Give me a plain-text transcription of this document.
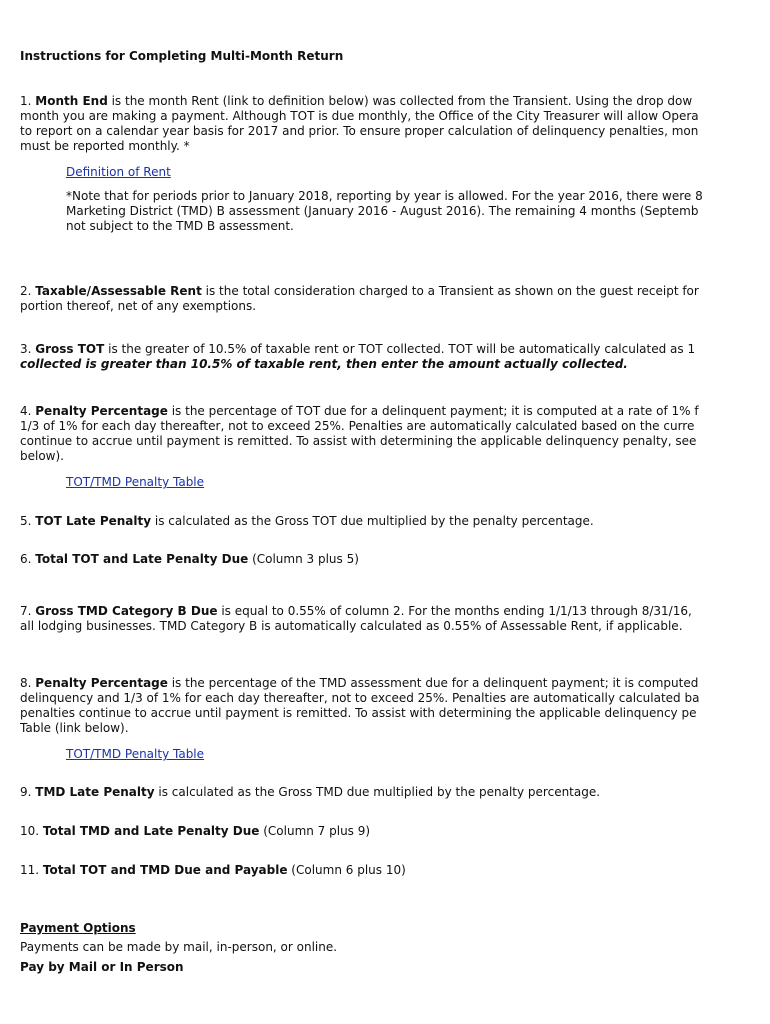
Instructions for Completing Multi-Month Return
1. Month End is the month Rent (link to definition below) was collected from the Transient. Using the drop dow
month you are making a payment. Although TOT is due monthly, the Office of the City Treasurer will allow Opera
to report on a calendar year basis for 2017 and prior. To ensure proper calculation of delinquency penalties, mon
must be reported monthly. *
Definition of Rent
*Note that for periods prior to January 2018, reporting by year is allowed. For the year 2016, there were 8
Marketing District (TMD) B assessment (January 2016 - August 2016). The remaining 4 months (Septemb
not subject to the TMD B assessment.
2. Taxable/Assessable Rent is the total consideration charged to a Transient as shown on the guest receipt for
portion thereof, net of any exemptions.
3. Gross TOT is the greater of 10.5% of taxable rent or TOT collected. TOT will be automatically calculated as 1
collected is greater than 10.5% of taxable rent, then enter the amount actually collected.
4. Penalty Percentage is the percentage of TOT due for a delinquent payment; it is computed at a rate of 1% f
1/3 of 1% for each day thereafter, not to exceed 25%. Penalties are automatically calculated based on the curre
continue to accrue until payment is remitted. To assist with determining the applicable delinquency penalty, see
below).
TOT/TMD Penalty Table
5. TOT Late Penalty is calculated as the Gross TOT due multiplied by the penalty percentage.
6. Total TOT and Late Penalty Due (Column 3 plus 5)
7. Gross TMD Category B Due is equal to 0.55% of column 2. For the months ending 1/1/13 through 8/31/16,
all lodging businesses. TMD Category B is automatically calculated as 0.55% of Assessable Rent, if applicable.
8. Penalty Percentage is the percentage of the TMD assessment due for a delinquent payment; it is computed
delinquency and 1/3 of 1% for each day thereafter, not to exceed 25%. Penalties are automatically calculated ba
penalties continue to accrue until payment is remitted. To assist with determining the applicable delinquency pe
Table (link below).
TOT/TMD Penalty Table
9. TMD Late Penalty is calculated as the Gross TMD due multiplied by the penalty percentage.
10. Total TMD and Late Penalty Due (Column 7 plus 9)
11. Total TOT and TMD Due and Payable (Column 6 plus 10)
Payment Options
Payments can be made by mail, in-person, or online.
Pay by Mail or In Person
